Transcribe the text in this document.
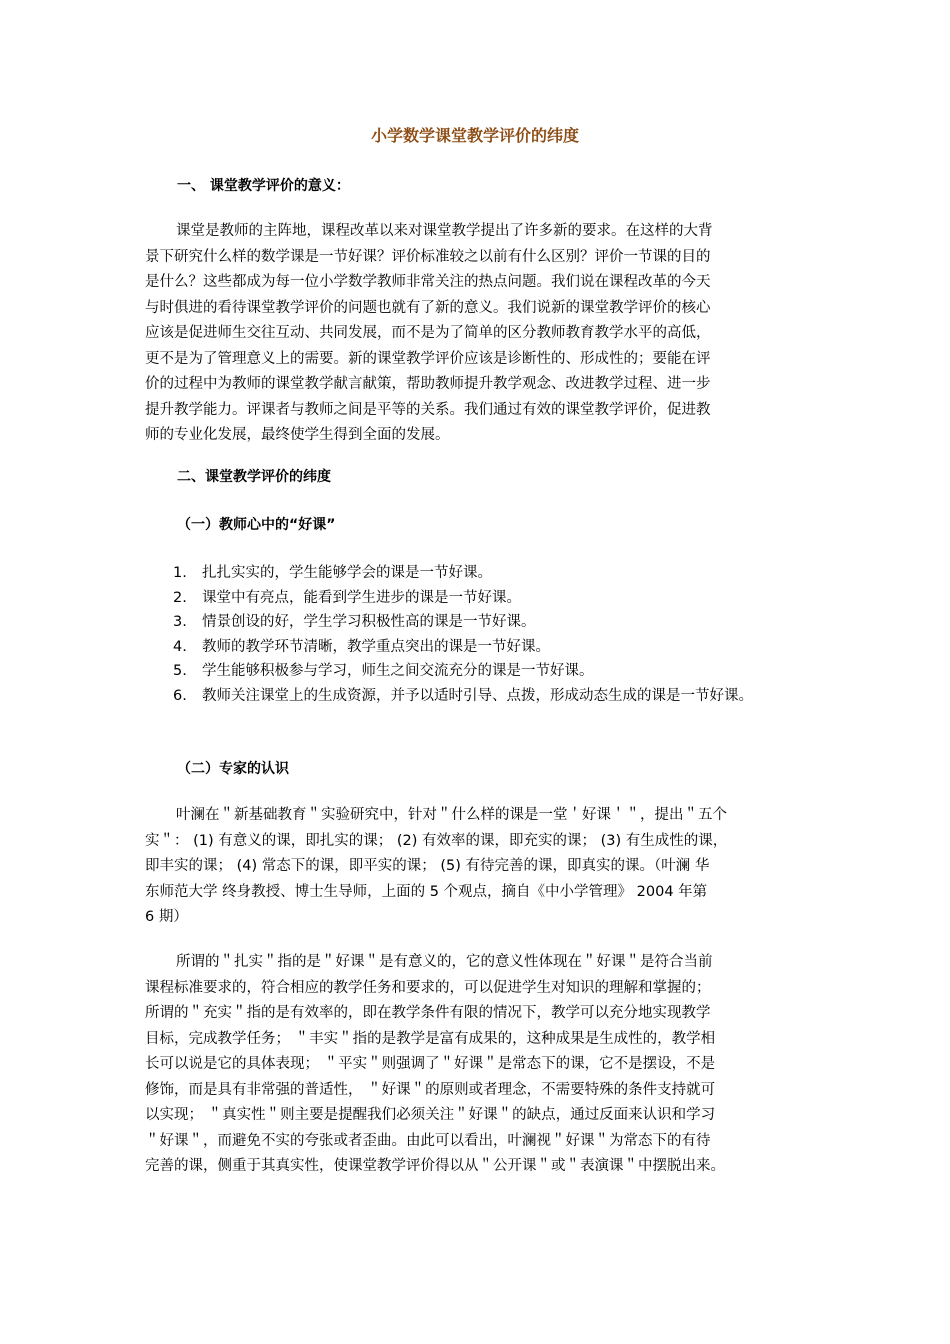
小学数学课堂教学评价的纬度
一、 课堂教学评价的意义：
课堂是教师的主阵地，课程改革以来对课堂教学提出了许多新的要求。在这样的大背
景下研究什么样的数学课是一节好课？评价标准较之以前有什么区别？评价一节课的目的
是什么？这些都成为每一位小学数学教师非常关注的热点问题。我们说在课程改革的今天
与时俱进的看待课堂教学评价的问题也就有了新的意义。我们说新的课堂教学评价的核心
应该是促进师生交往互动、共同发展，而不是为了简单的区分教师教育教学水平的高低，
更不是为了管理意义上的需要。新的课堂教学评价应该是诊断性的、形成性的；要能在评
价的过程中为教师的课堂教学献言献策，帮助教师提升教学观念、改进教学过程、进一步
提升教学能力。评课者与教师之间是平等的关系。我们通过有效的课堂教学评价，促进教
师的专业化发展，最终使学生得到全面的发展。
二、课堂教学评价的纬度
（一）教师心中的“好课”
1. 扎扎实实的，学生能够学会的课是一节好课。
2. 课堂中有亮点，能看到学生进步的课是一节好课。
3. 情景创设的好，学生学习积极性高的课是一节好课。
4. 教师的教学环节清晰，教学重点突出的课是一节好课。
5. 学生能够积极参与学习，师生之间交流充分的课是一节好课。
6. 教师关注课堂上的生成资源，并予以适时引导、点拨，形成动态生成的课是一节好课。
（二）专家的认识
叶澜在＂新基础教育＂实验研究中，针对＂什么样的课是一堂＇好课＇＂，提出＂五个
实＂： (1) 有意义的课，即扎实的课； (2) 有效率的课，即充实的课； (3) 有生成性的课，
即丰实的课； (4) 常态下的课，即平实的课； (5) 有待完善的课，即真实的课。（叶澜 华
东师范大学 终身教授、博士生导师，上面的 5 个观点，摘自《中小学管理》 2004 年第
6 期）
所谓的＂扎实＂指的是＂好课＂是有意义的，它的意义性体现在＂好课＂是符合当前
课程标准要求的，符合相应的教学任务和要求的，可以促进学生对知识的理解和掌握的；
所谓的＂充实＂指的是有效率的，即在教学条件有限的情况下，教学可以充分地实现教学
目标，完成教学任务； ＂丰实＂指的是教学是富有成果的，这种成果是生成性的，教学相
长可以说是它的具体表现； ＂平实＂则强调了＂好课＂是常态下的课，它不是摆设，不是
修饰，而是具有非常强的普适性， ＂好课＂的原则或者理念，不需要特殊的条件支持就可
以实现； ＂真实性＂则主要是提醒我们必须关注＂好课＂的缺点，通过反面来认识和学习
＂好课＂，而避免不实的夸张或者歪曲。由此可以看出，叶澜视＂好课＂为常态下的有待
完善的课，侧重于其真实性，使课堂教学评价得以从＂公开课＂或＂表演课＂中摆脱出来。
